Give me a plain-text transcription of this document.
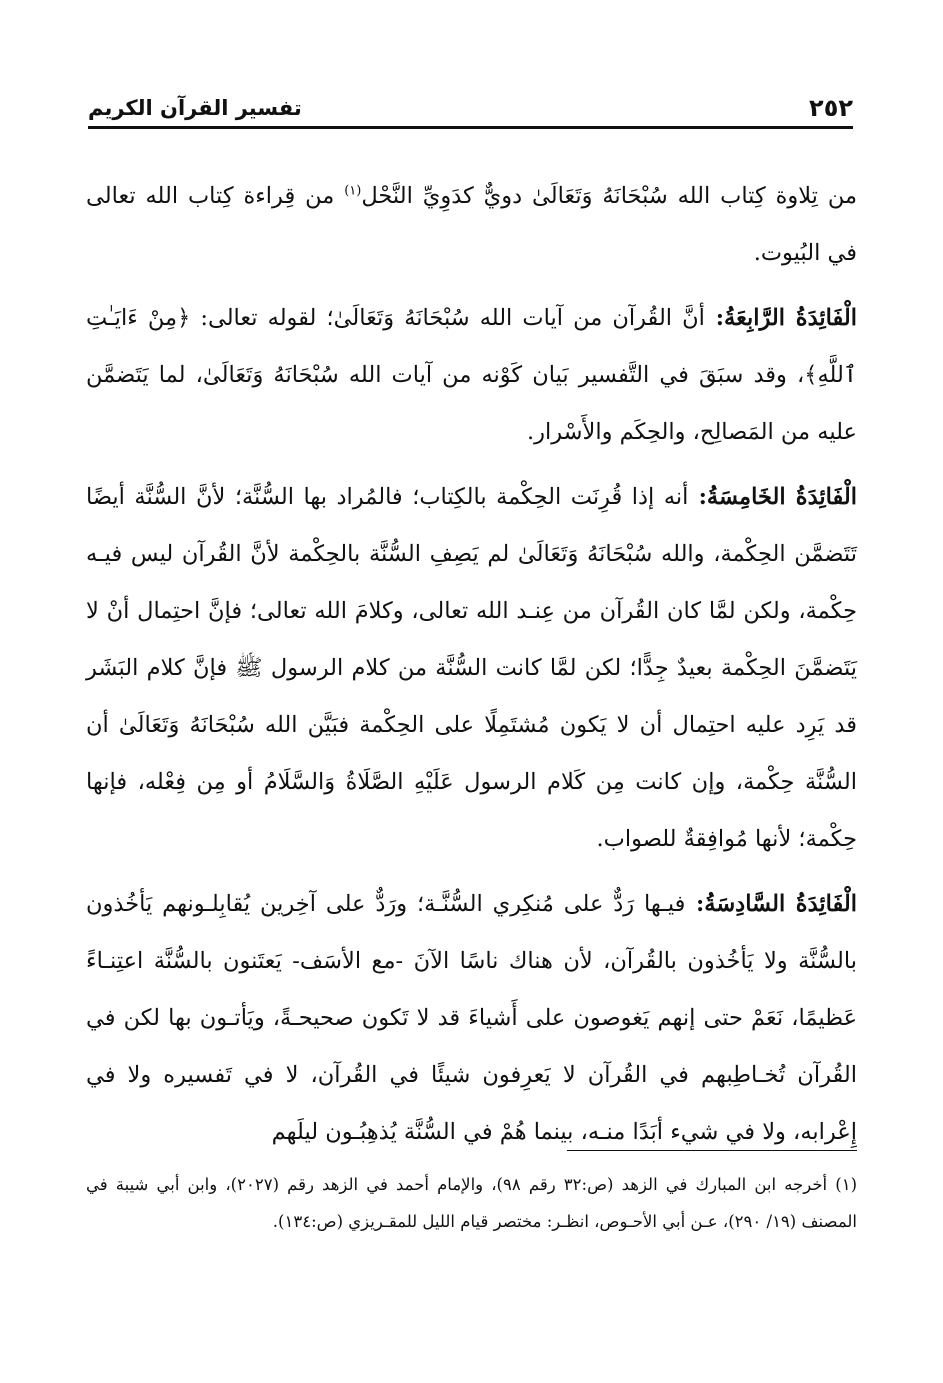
٢٥٢
تفسير القرآن الكريم

من تِلاوة كِتاب الله سُبْحَانَهُ وَتَعَالَىٰ دويٌّ كدَوِيِّ النَّحْل$^{(١)}$ من قِراءة كِتاب الله تعالى في البُيوت.

الْفَائِدَةُ الرَّابِعَةُ: أنَّ القُرآن من آيات الله سُبْحَانَهُ وَتَعَالَىٰ؛ لقوله تعالى: ﴿مِنْ ءَايَـٰتِ ٱللَّهِ﴾، وقد سبَقَ في التَّفسير بَيان كَوْنه من آيات الله سُبْحَانَهُ وَتَعَالَىٰ، لما يَتَضمَّن عليه من المَصالِح، والحِكَم والأَسْرار.

الْفَائِدَةُ الخَامِسَةُ: أنه إذا قُرِنَت الحِكْمة بالكِتاب؛ فالمُراد بها السُّنَّة؛ لأنَّ السُّنَّة أيضًا تَتَضمَّن الحِكْمة، والله سُبْحَانَهُ وَتَعَالَىٰ لم يَصِفِ السُّنَّة بالحِكْمة لأنَّ القُرآن ليس فيـه حِكْمة، ولكن لمَّا كان القُرآن من عِنـد الله تعالى، وكلامَ الله تعالى؛ فإنَّ احتِمال أنْ لا يَتَضمَّنَ الحِكْمة بعيدٌ جِدًّا؛ لكن لمَّا كانت السُّنَّة من كلام الرسول ﷺ فإنَّ كلام البَشَر قد يَرِد عليه احتِمال أن لا يَكون مُشتَمِلًا على الحِكْمة فبَيَّن الله سُبْحَانَهُ وَتَعَالَىٰ أن السُّنَّة حِكْمة، وإن كانت مِن كَلام الرسول عَلَيْهِ الصَّلَاةُ وَالسَّلَامُ أو مِن فِعْله، فإنها حِكْمة؛ لأنها مُوافِقةٌ للصواب.

الْفَائِدَةُ السَّادِسَةُ: فيـها رَدٌّ على مُنكِري السُّنَّـة؛ ورَدٌّ على آخِرين يُقابِلـونهم يَأخُذون بالسُّنَّة ولا يَأخُذون بالقُرآن، لأن هناك ناسًا الآنَ -مع الأسَف- يَعتَنون بالسُّنَّة اعتِنـاءً عَظيمًا، نَعَمْ حتى إنهم يَغوصون على أَشياءَ قد لا تَكون صحيحـةً، ويَأتـون بها لكن في القُرآن تُخـاطِبهم في القُرآن لا يَعرِفون شيئًا في القُرآن، لا في تَفسيره ولا في إِعْرابه، ولا في شيء أبَدًا منـه، بينما هُمْ في السُّنَّة يُذهِبُـون ليلَهم

(١) أخرجه ابن المبارك في الزهد (ص:٣٢ رقم ٩٨)، والإمام أحمد في الزهد رقم (٢٠٢٧)، وابن أبي شيبة في المصنف (١٩/ ٢٩٠)، عـن أبي الأحـوص، انظـر: مختصر قيام الليل للمقـريزي (ص:١٣٤).
